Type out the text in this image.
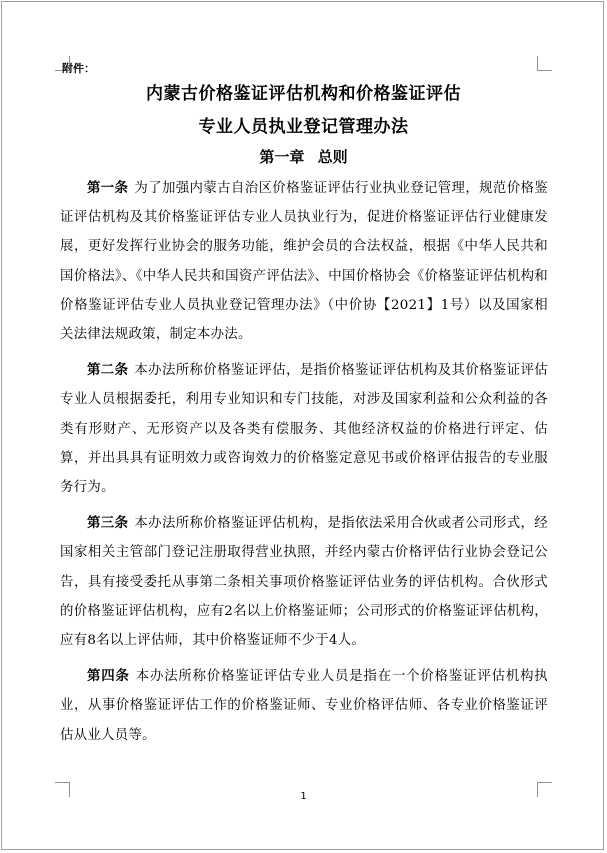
附件：
内蒙古价格鉴证评估机构和价格鉴证评估
专业人员执业登记管理办法
第一章 总则

第一条 为了加强内蒙古自治区价格鉴证评估行业执业登记管理，规范价格鉴证评估机构及其价格鉴证评估专业人员执业行为，促进价格鉴证评估行业健康发展，更好发挥行业协会的服务功能，维护会员的合法权益，根据《中华人民共和国价格法》、《中华人民共和国资产评估法》、中国价格协会《价格鉴证评估机构和价格鉴证评估专业人员执业登记管理办法》（中价协【2021】1号）以及国家相关法律法规政策，制定本办法。

第二条 本办法所称价格鉴证评估，是指价格鉴证评估机构及其价格鉴证评估专业人员根据委托，利用专业知识和专门技能，对涉及国家利益和公众利益的各类有形财产、无形资产以及各类有偿服务、其他经济权益的价格进行评定、估算，并出具具有证明效力或咨询效力的价格鉴定意见书或价格评估报告的专业服务行为。

第三条 本办法所称价格鉴证评估机构，是指依法采用合伙或者公司形式，经国家相关主管部门登记注册取得营业执照，并经内蒙古价格评估行业协会登记公告，具有接受委托从事第二条相关事项价格鉴证评估业务的评估机构。合伙形式的价格鉴证评估机构，应有2名以上价格鉴证师；公司形式的价格鉴证评估机构，应有8名以上评估师，其中价格鉴证师不少于4人。

第四条 本办法所称价格鉴证评估专业人员是指在一个价格鉴证评估机构执业，从事价格鉴证评估工作的价格鉴证师、专业价格评估师、各专业价格鉴证评估从业人员等。

1
